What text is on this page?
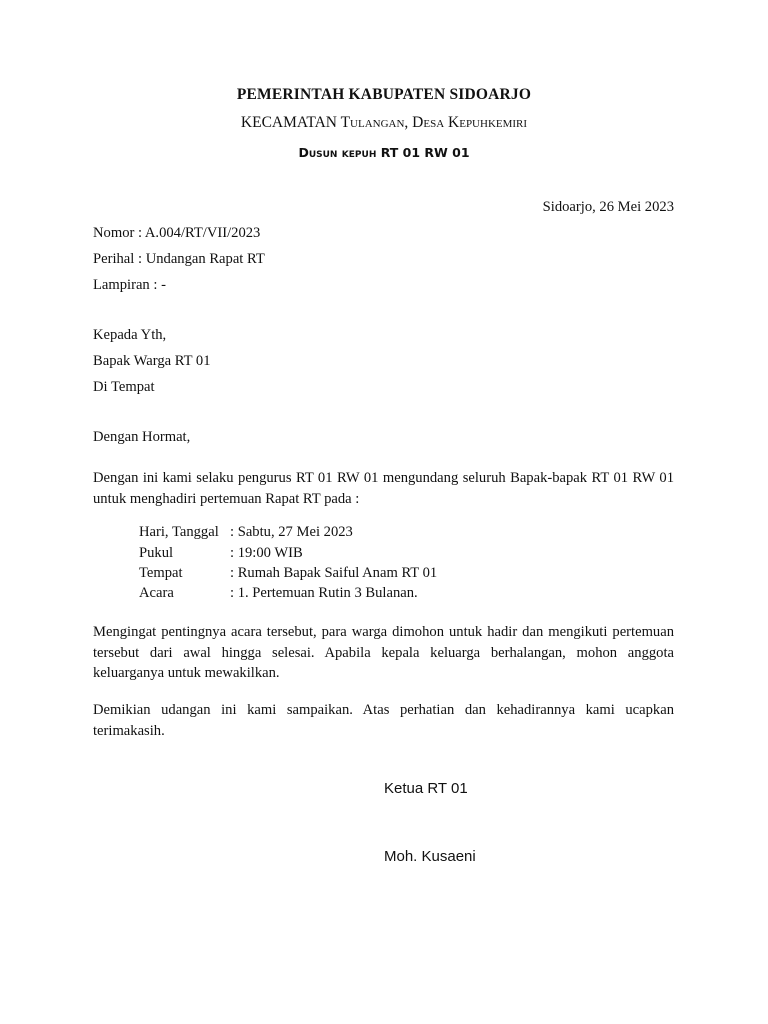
PEMERINTAH KABUPATEN SIDOARJO
KECAMATAN Tulangan, Desa Kepuhkemiri
Dusun kepuh RT 01 RW 01
Sidoarjo, 26 Mei 2023
Nomor : A.004/RT/VII/2023
Perihal : Undangan Rapat RT
Lampiran : -
Kepada Yth,
Bapak Warga RT 01
Di Tempat
Dengan Hormat,
Dengan ini kami selaku pengurus RT 01 RW 01 mengundang seluruh Bapak-bapak RT 01 RW 01 untuk menghadiri pertemuan Rapat RT pada :
Hari, Tanggal : Sabtu, 27 Mei 2023
Pukul	: 19:00 WIB
Tempat	: Rumah Bapak Saiful Anam RT 01
Acara	: 1. Pertemuan Rutin 3 Bulanan.
Mengingat pentingnya acara tersebut, para warga dimohon untuk hadir dan mengikuti pertemuan tersebut dari awal hingga selesai. Apabila kepala keluarga berhalangan, mohon anggota keluarganya untuk mewakilkan.
Demikian udangan ini kami sampaikan. Atas perhatian dan kehadirannya kami ucapkan terimakasih.
Ketua RT 01
Moh. Kusaeni
